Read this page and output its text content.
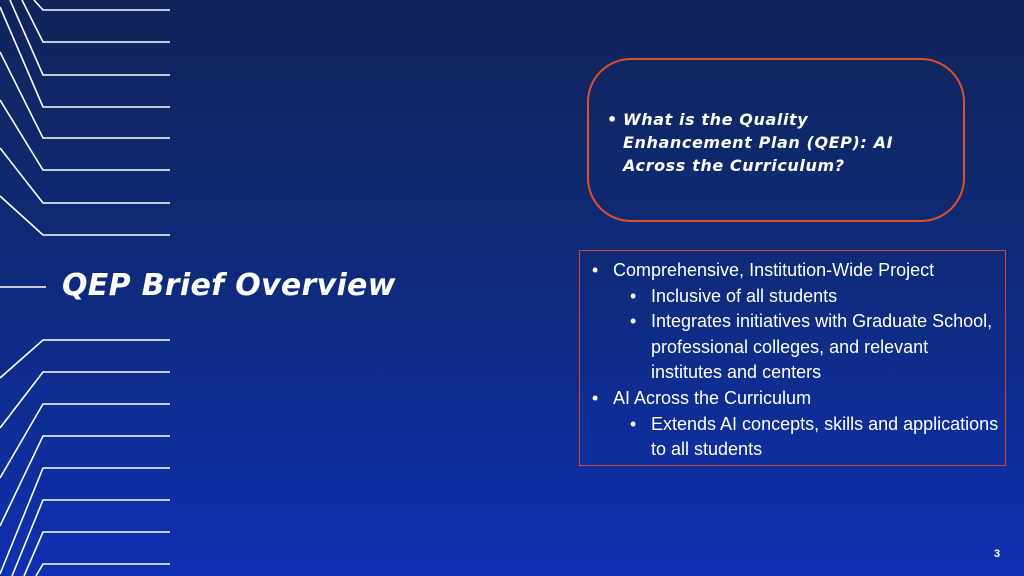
QEP Brief Overview
• What is the Quality Enhancement Plan (QEP): AI Across the Curriculum?
• Comprehensive, Institution-Wide Project
• Inclusive of all students
• Integrates initiatives with Graduate School, professional colleges, and relevant institutes and centers
• AI Across the Curriculum
• Extends AI concepts, skills and applications to all students
3
